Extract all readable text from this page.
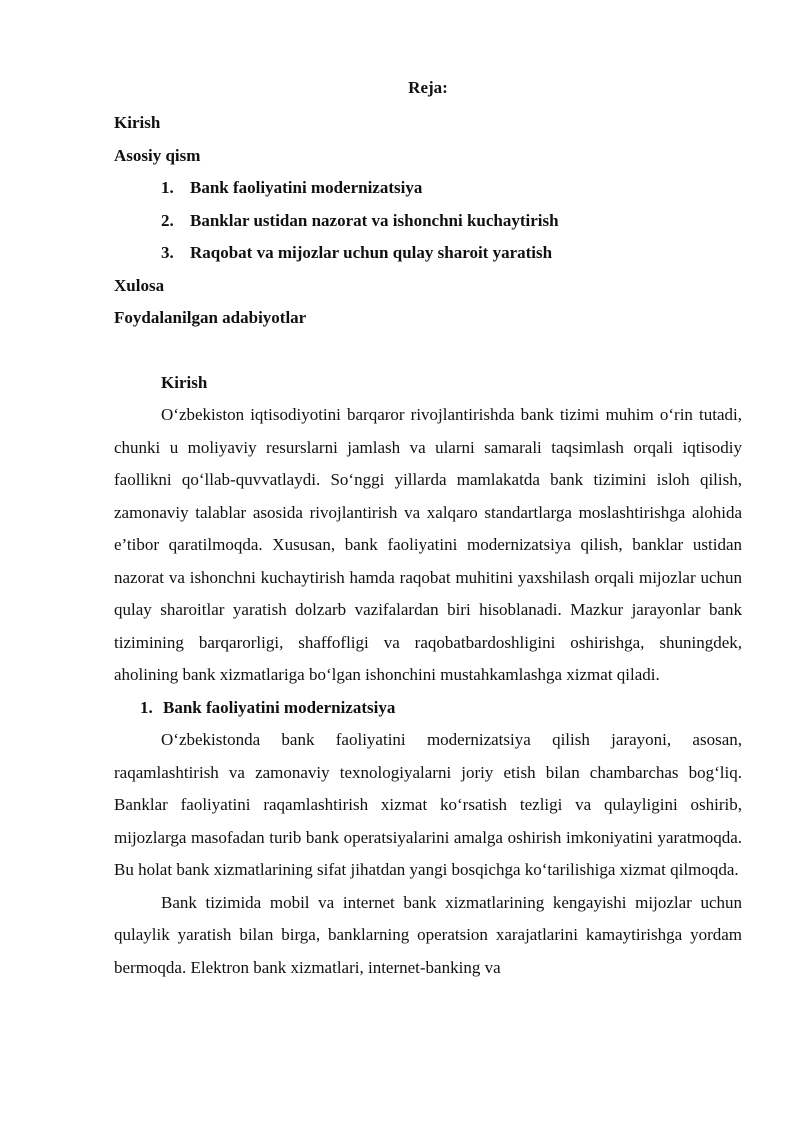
Reja:
Kirish
Asosiy qism
1. Bank faoliyatini modernizatsiya
2. Banklar ustidan nazorat va ishonchni kuchaytirish
3. Raqobat va mijozlar uchun qulay sharoit yaratish
Xulosa
Foydalanilgan adabiyotlar
Kirish

O‘zbekiston iqtisodiyotini barqaror rivojlantirishda bank tizimi muhim o‘rin tutadi, chunki u moliyaviy resurslarni jamlash va ularni samarali taqsimlash orqali iqtisodiy faollikni qo‘llab-quvvatlaydi. So‘nggi yillarda mamlakatda bank tizimini isloh qilish, zamonaviy talablar asosida rivojlantirish va xalqaro standartlarga moslashtirishga alohida e’tibor qaratilmoqda. Xususan, bank faoliyatini modernizatsiya qilish, banklar ustidan nazorat va ishonchni kuchaytirish hamda raqobat muhitini yaxshilash orqali mijozlar uchun qulay sharoitlar yaratish dolzarb vazifalardan biri hisoblanadi. Mazkur jarayonlar bank tizimining barqarorligi, shaffofligi va raqobatbardoshligini oshirishga, shuningdek, aholining bank xizmatlariga bo‘lgan ishonchini mustahkamlashga xizmat qiladi.

1. Bank faoliyatini modernizatsiya

O‘zbekistonda bank faoliyatini modernizatsiya qilish jarayoni, asosan, raqamlashtirish va zamonaviy texnologiyalarni joriy etish bilan chambarchas bog‘liq. Banklar faoliyatini raqamlashtirish xizmat ko‘rsatish tezligi va qulayligini oshirib, mijozlarga masofadan turib bank operatsiyalarini amalga oshirish imkoniyatini yaratmoqda. Bu holat bank xizmatlarining sifat jihatdan yangi bosqichga ko‘tarilishiga xizmat qilmoqda.

Bank tizimida mobil va internet bank xizmatlarining kengayishi mijozlar uchun qulaylik yaratish bilan birga, banklarning operatsion xarajatlarini kamaytirishga yordam bermoqda. Elektron bank xizmatlari, internet-banking va
